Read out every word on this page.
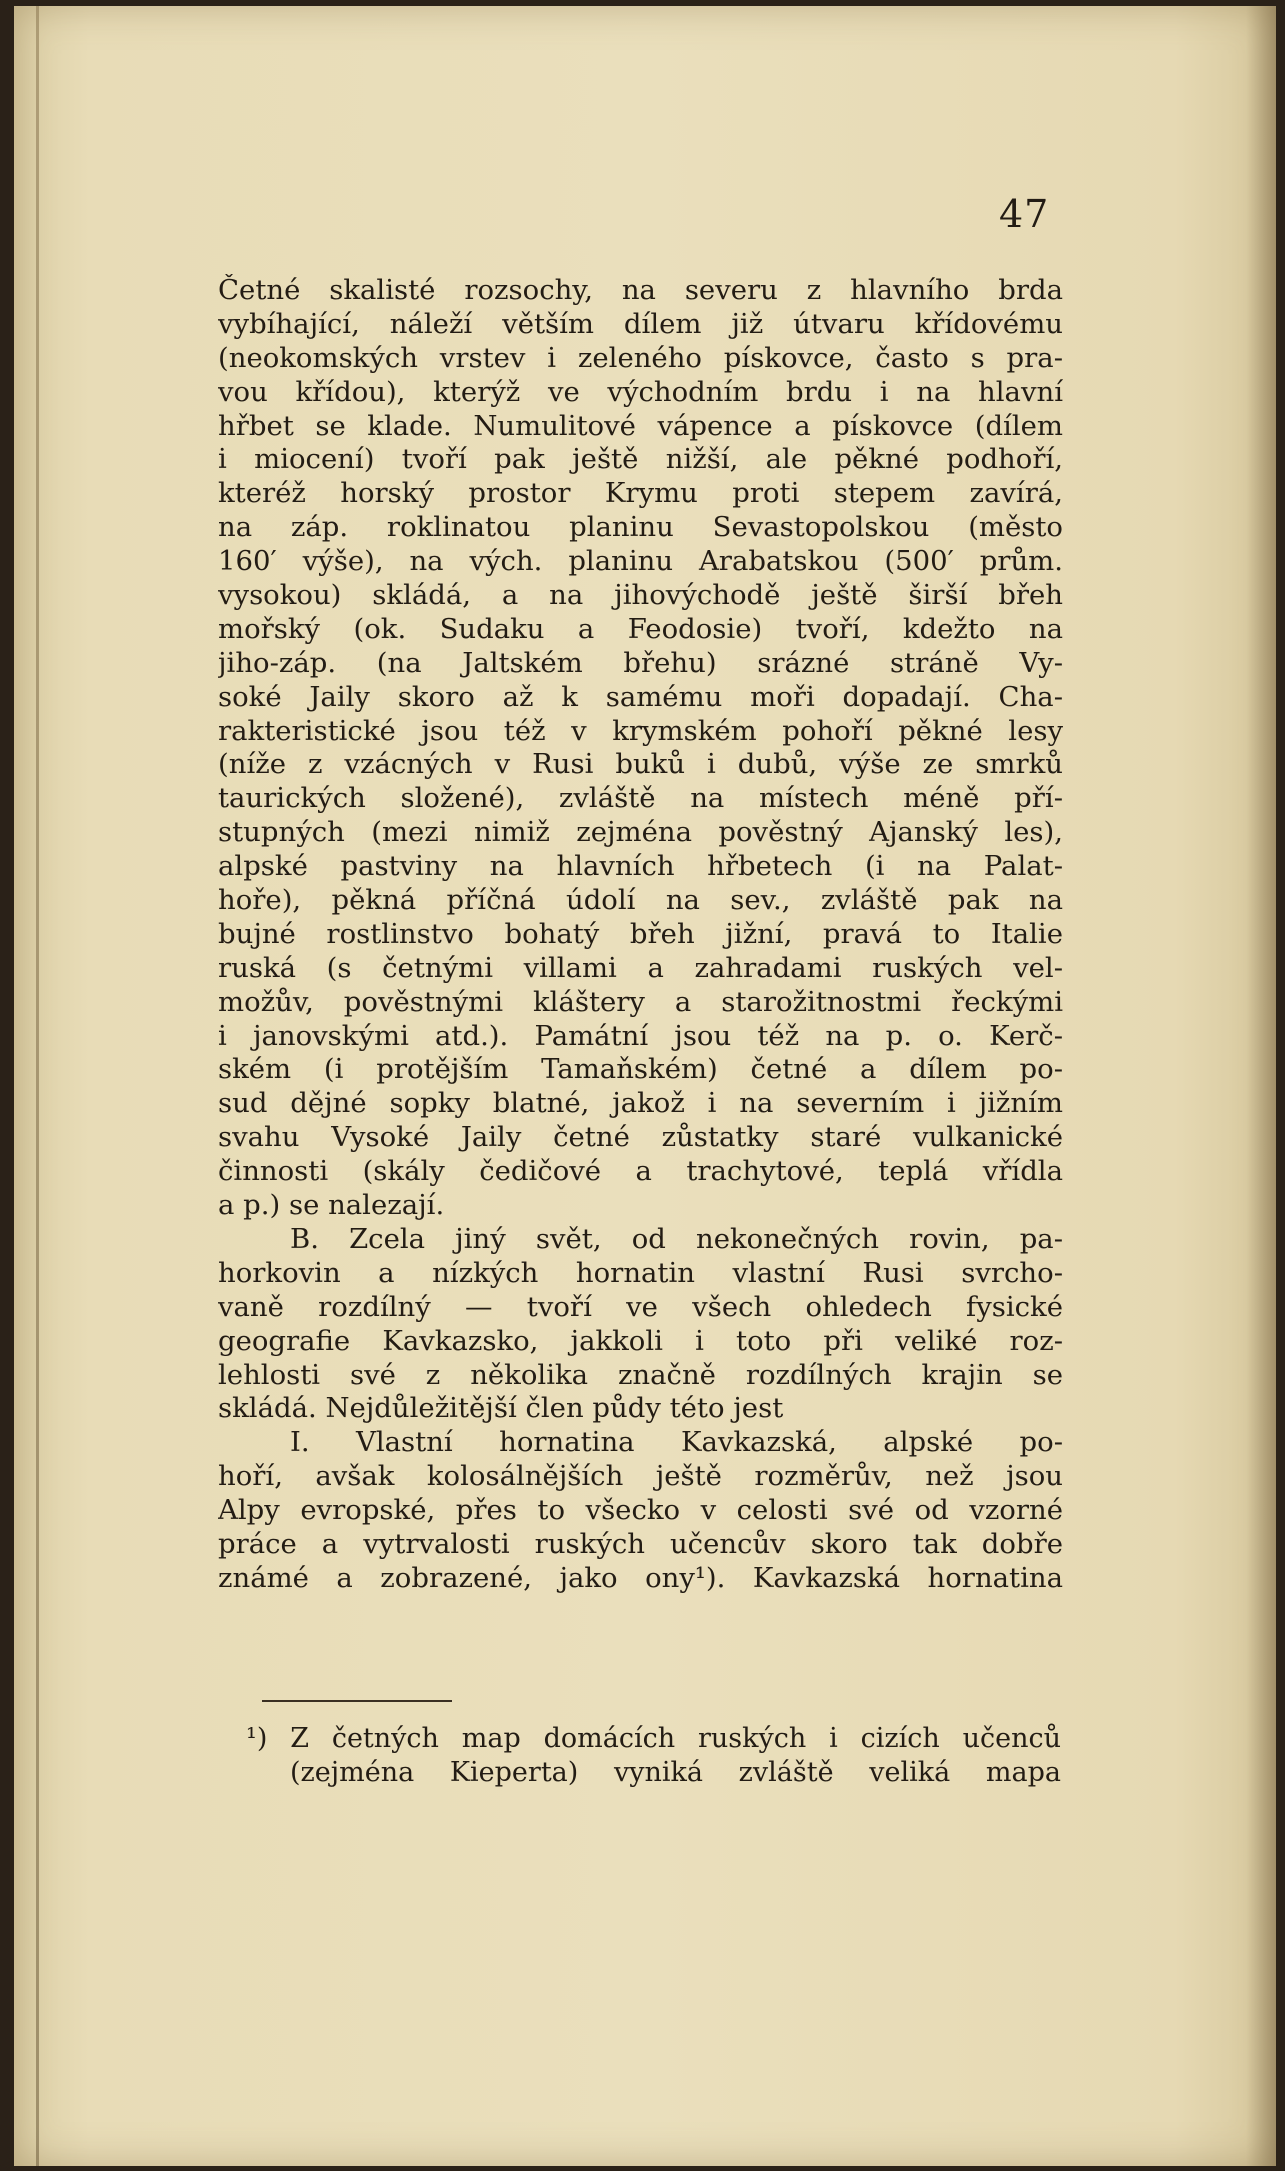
47
Četné skalisté rozsochy, na severu z hlavního brda
vybíhající, náleží větším dílem již útvaru křídovému
(neokomských vrstev i zeleného pískovce, často s pra-
vou křídou), kterýž ve východním brdu i na hlavní
hřbet se klade. Numulitové vápence a pískovce (dílem
i miocení) tvoří pak ještě nižší, ale pěkné podhoří,
kteréž horský prostor Krymu proti stepem zavírá,
na záp. roklinatou planinu Sevastopolskou (město
160′ výše), na vých. planinu Arabatskou (500′ prům.
vysokou) skládá, a na jihovýchodě ještě širší břeh
mořský (ok. Sudaku a Feodosie) tvoří, kdežto na
jiho-záp. (na Jaltském břehu) srázné stráně Vy-
soké Jaily skoro až k samému moři dopadají. Cha-
rakteristické jsou též v krymském pohoří pěkné lesy
(níže z vzácných v Rusi buků i dubů, výše ze smrků
taurických složené), zvláště na místech méně pří-
stupných (mezi nimiž zejména pověstný Ajanský les),
alpské pastviny na hlavních hřbetech (i na Palat-
hoře), pěkná příčná údolí na sev., zvláště pak na
bujné rostlinstvo bohatý břeh jižní, pravá to Italie
ruská (s četnými villami a zahradami ruských vel-
možův, pověstnými kláštery a starožitnostmi řeckými
i janovskými atd.). Památní jsou též na p. o. Kerč-
ském (i protějším Tamaňském) četné a dílem po-
sud dějné sopky blatné, jakož i na severním i jižním
svahu Vysoké Jaily četné zůstatky staré vulkanické
činnosti (skály čedičové a trachytové, teplá vřídla
a p.) se nalezají.
B. Zcela jiný svět, od nekonečných rovin, pa-
horkovin a nízkých hornatin vlastní Rusi svrcho-
vaně rozdílný — tvoří ve všech ohledech fysické
geografie Kavkazsko, jakkoli i toto při veliké roz-
lehlosti své z několika značně rozdílných krajin se
skládá. Nejdůležitější člen půdy této jest
I. Vlastní hornatina Kavkazská, alpské po-
hoří, avšak kolosálnějších ještě rozměrův, než jsou
Alpy evropské, přes to všecko v celosti své od vzorné
práce a vytrvalosti ruských učencův skoro tak dobře
známé a zobrazené, jako ony¹). Kavkazská hornatina
¹) Z četných map domácích ruských i cizích učenců
(zejména Kieperta) vyniká zvláště veliká mapa
